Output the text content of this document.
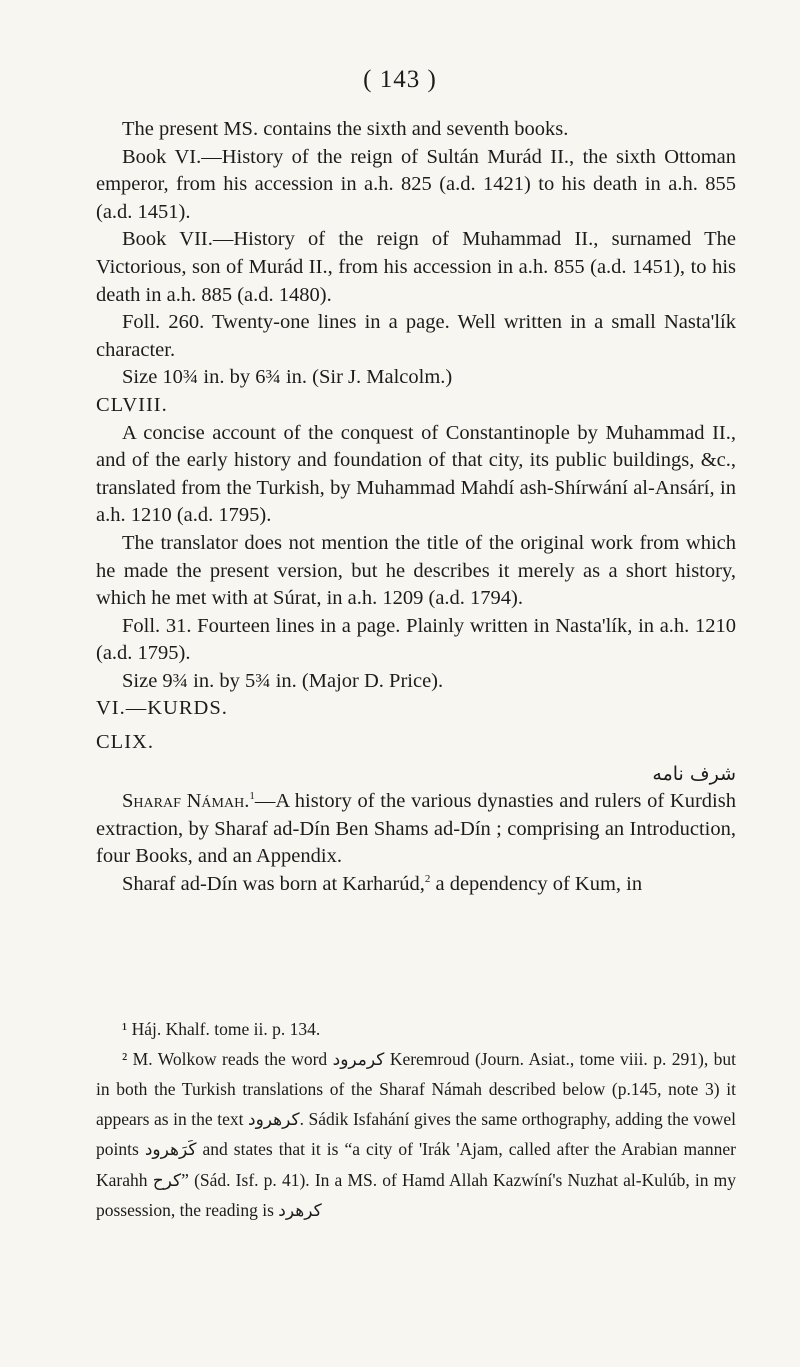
( 143 )

The present MS. contains the sixth and seventh books.

Book VI.—History of the reign of Sultán Murád II., the sixth Ottoman emperor, from his accession in a.h. 825 (a.d. 1421) to his death in a.h. 855 (a.d. 1451).

Book VII.—History of the reign of Muhammad II., surnamed The Victorious, son of Murád II., from his accession in a.h. 855 (a.d. 1451), to his death in a.h. 885 (a.d. 1480).

Foll. 260. Twenty-one lines in a page. Well written in a small Nasta'lík character.

Size 10¾ in. by 6¾ in. (Sir J. Malcolm.)

CLVIII.

A concise account of the conquest of Constantinople by Muhammad II., and of the early history and foundation of that city, its public buildings, &c., translated from the Turkish, by Muhammad Mahdí ash-Shírwání al-Ansárí, in a.h. 1210 (a.d. 1795).

The translator does not mention the title of the original work from which he made the present version, but he describes it merely as a short history, which he met with at Súrat, in a.h. 1209 (a.d. 1794).

Foll. 31. Fourteen lines in a page. Plainly written in Nasta'lík, in a.h. 1210 (a.d. 1795).

Size 9¾ in. by 5¾ in. (Major D. Price).

VI.—KURDS.

CLIX.

شرف نامه

Sharaf Námah.$^1$—A history of the various dynasties and rulers of Kurdish extraction, by Sharaf ad-Dín Ben Shams ad-Dín ; comprising an Introduction, four Books, and an Appendix.

Sharaf ad-Dín was born at Karharúd,$^2$ a dependency of Kum, in

¹ Háj. Khalf. tome ii. p. 134.

² M. Wolkow reads the word کرمرود Keremroud (Journ. Asiat., tome viii. p. 291), but in both the Turkish translations of the Sharaf Námah described below (p.145, note 3) it appears as in the text کرهرود. Sádik Isfahání gives the same orthography, adding the vowel points کَرَهرود and states that it is “a city of 'Irák 'Ajam, called after the Arabian manner Karahh کرح” (Sád. Isf. p. 41). In a MS. of Hamd Allah Kazwíní's Nuzhat al-Kulúb, in my possession, the reading is کرهرد
